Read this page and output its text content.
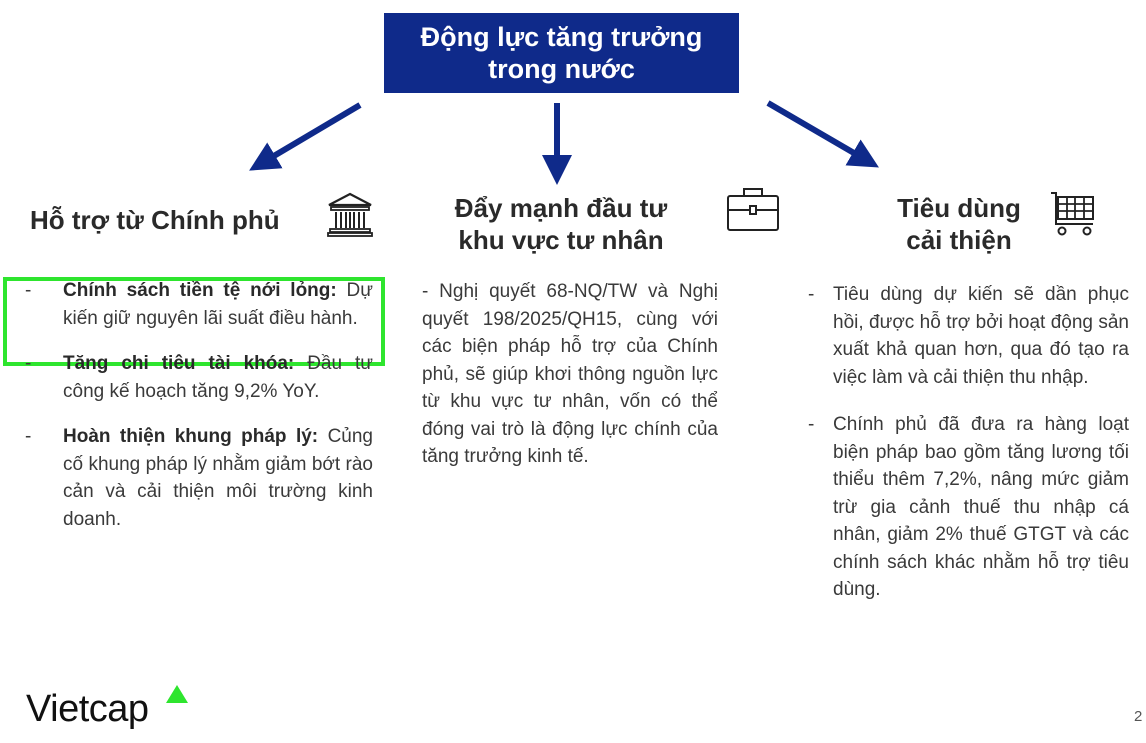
Động lực tăng trưởng trong nước
Hỗ trợ từ Chính phủ
- Chính sách tiền tệ nới lỏng: Dự kiến giữ nguyên lãi suất điều hành.
- Tăng chi tiêu tài khóa: Đầu tư công kế hoạch tăng 9,2% YoY.
- Hoàn thiện khung pháp lý: Củng cố khung pháp lý nhằm giảm bớt rào cản và cải thiện môi trường kinh doanh.
Đẩy mạnh đầu tư
khu vực tư nhân
- Nghị quyết 68-NQ/TW và Nghị quyết 198/2025/QH15, cùng với các biện pháp hỗ trợ của Chính phủ, sẽ giúp khơi thông nguồn lực từ khu vực tư nhân, vốn có thể đóng vai trò là động lực chính của tăng trưởng kinh tế.
Tiêu dùng
cải thiện
- Tiêu dùng dự kiến sẽ dần phục hồi, được hỗ trợ bởi hoạt động sản xuất khả quan hơn, qua đó tạo ra việc làm và cải thiện thu nhập.
- Chính phủ đã đưa ra hàng loạt biện pháp bao gồm tăng lương tối thiểu thêm 7,2%, nâng mức giảm trừ gia cảnh thuế thu nhập cá nhân, giảm 2% thuế GTGT và các chính sách khác nhằm hỗ trợ tiêu dùng.
Vietcap	2
